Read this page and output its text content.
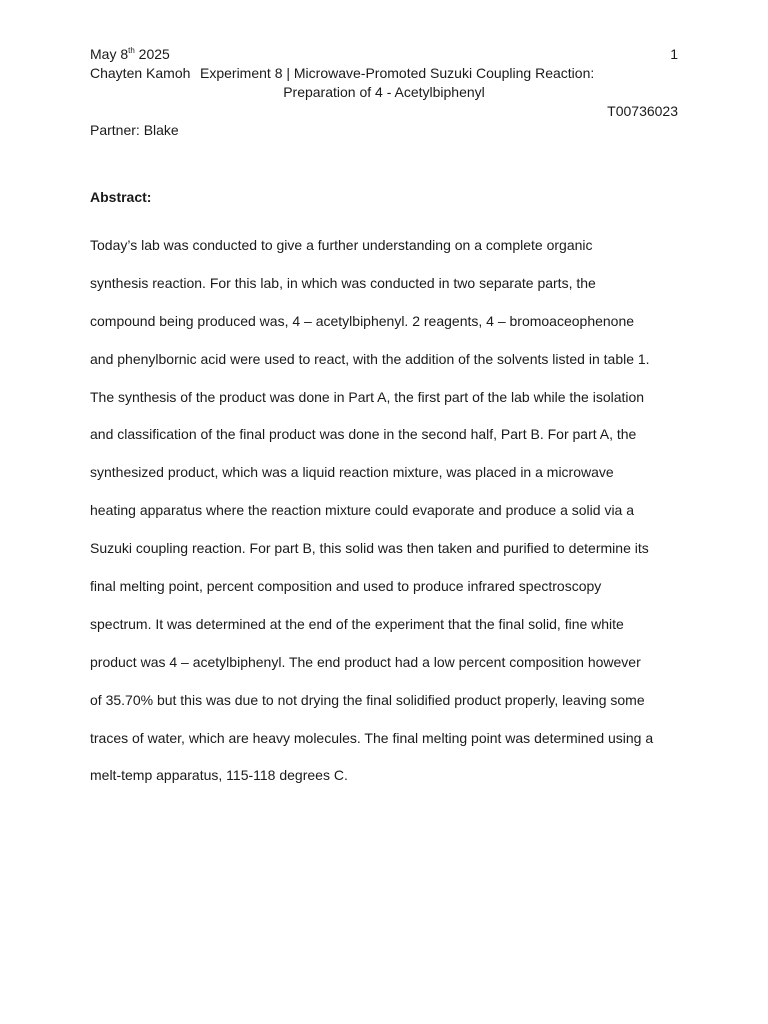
May 8th 2025	1
Chayten Kamoh Experiment 8 | Microwave-Promoted Suzuki Coupling Reaction:
Preparation of 4 - Acetylbiphenyl
T00736023
Partner: Blake
Abstract:

Today’s lab was conducted to give a further understanding on a complete organic
synthesis reaction. For this lab, in which was conducted in two separate parts, the
compound being produced was, 4 – acetylbiphenyl. 2 reagents, 4 – bromoaceophenone
and phenylbornic acid were used to react, with the addition of the solvents listed in table 1.
The synthesis of the product was done in Part A, the first part of the lab while the isolation
and classification of the final product was done in the second half, Part B. For part A, the
synthesized product, which was a liquid reaction mixture, was placed in a microwave
heating apparatus where the reaction mixture could evaporate and produce a solid via a
Suzuki coupling reaction. For part B, this solid was then taken and purified to determine its
final melting point, percent composition and used to produce infrared spectroscopy
spectrum. It was determined at the end of the experiment that the final solid, fine white
product was 4 – acetylbiphenyl. The end product had a low percent composition however
of 35.70% but this was due to not drying the final solidified product properly, leaving some
traces of water, which are heavy molecules. The final melting point was determined using a
melt-temp apparatus, 115-118 degrees C.
